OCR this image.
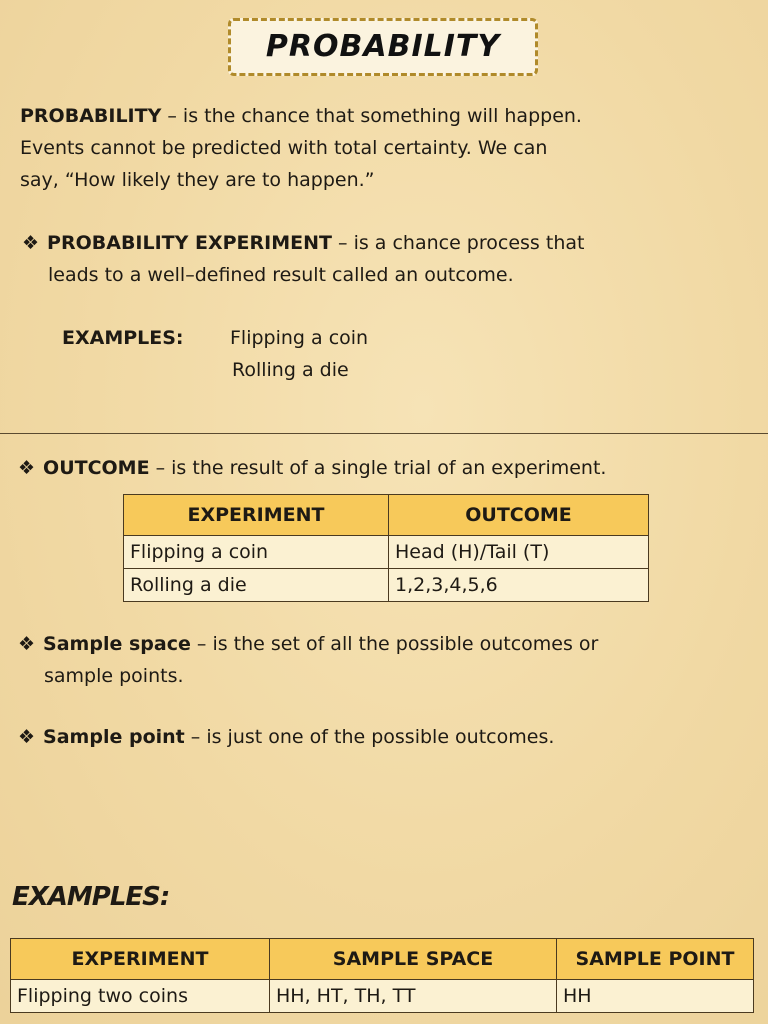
PROBABILITY
PROBABILITY – is the chance that something will happen.
Events cannot be predicted with total certainty. We can
say, “How likely they are to happen.”
❖ PROBABILITY EXPERIMENT – is a chance process that
leads to a well–defined result called an outcome.
EXAMPLES: Flipping a coin
Rolling a die
❖ OUTCOME – is the result of a single trial of an experiment.
EXPERIMENT	OUTCOME
Flipping a coin	Head (H)/Tail (T)
Rolling a die	1,2,3,4,5,6
❖ Sample space – is the set of all the possible outcomes or
sample points.
❖ Sample point – is just one of the possible outcomes.
EXAMPLES:
EXPERIMENT	SAMPLE SPACE	SAMPLE POINT
Flipping two coins	HH, HT, TH, TT	HH
